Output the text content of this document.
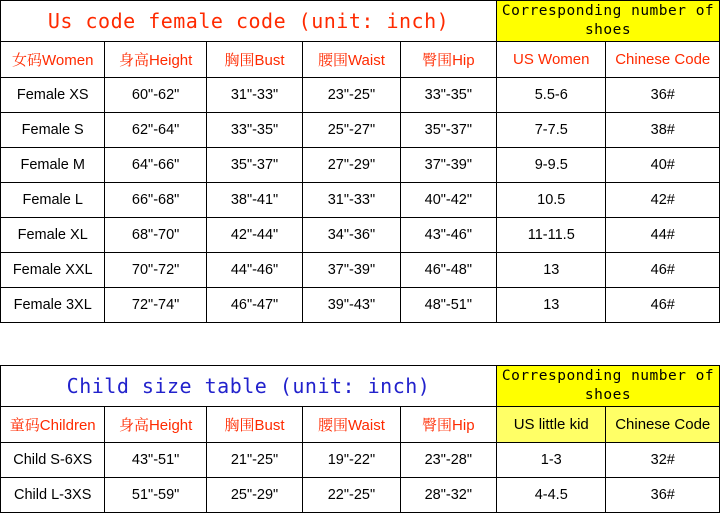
Us code female code (unit: inch)					Corresponding number of shoes	
女码Women	身高Height	胸围Bust	腰围Waist	臀围Hip	US Women	Chinese Code
Female XS	60"-62"	31"-33"	23"-25"	33"-35"	5.5-6	36#
Female S	62"-64"	33"-35"	25"-27"	35"-37"	7-7.5	38#
Female M	64"-66"	35"-37"	27"-29"	37"-39"	9-9.5	40#
Female L	66"-68"	38"-41"	31"-33"	40"-42"	10.5	42#
Female XL	68"-70"	42"-44"	34"-36"	43"-46"	11-11.5	44#
Female XXL	70"-72"	44"-46"	37"-39"	46"-48"	13	46#
Female 3XL	72"-74"	46"-47"	39"-43"	48"-51"	13	46#
Child size table (unit: inch)					Corresponding number of shoes	
童码Children	身高Height	胸围Bust	腰围Waist	臀围Hip	US little kid	Chinese Code
Child S-6XS	43"-51"	21"-25"	19"-22"	23"-28"	1-3	32#
Child L-3XS	51"-59"	25"-29"	22"-25"	28"-32"	4-4.5	36#
